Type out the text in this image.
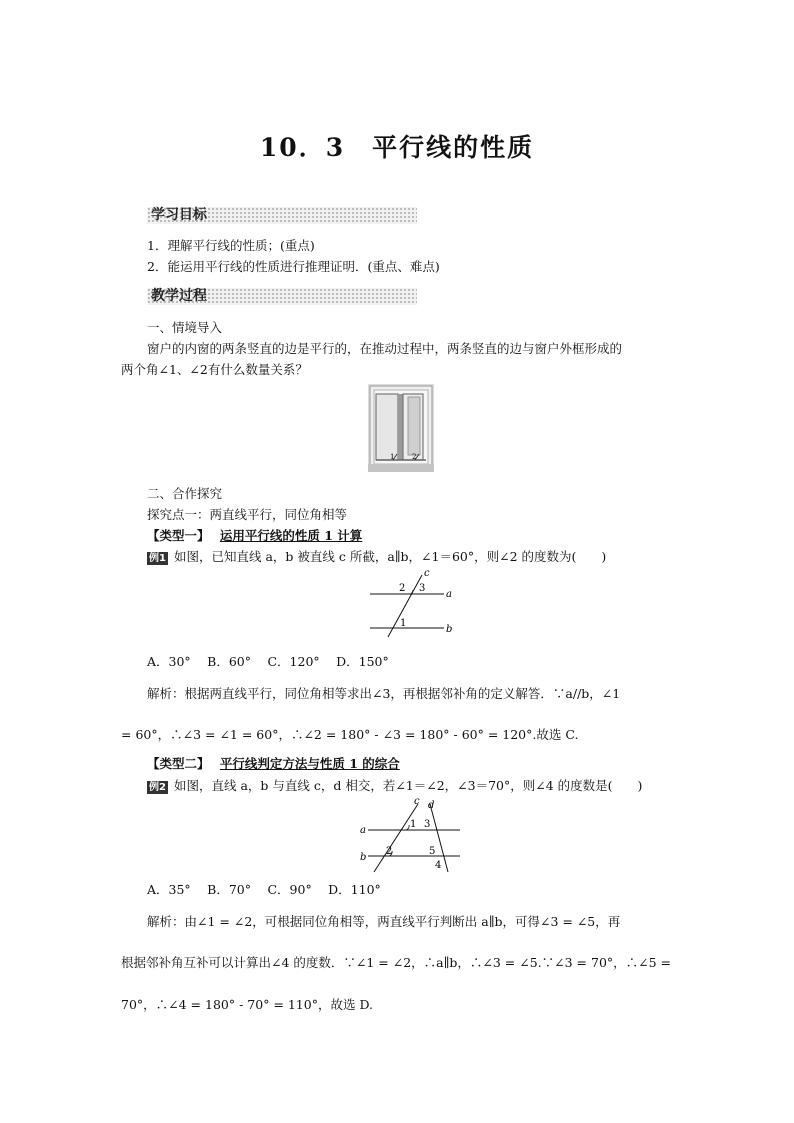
10．3　平行线的性质
学习目标
1．理解平行线的性质；(重点)
2．能运用平行线的性质进行推理证明．(重点、难点)
教学过程
一、情境导入
窗户的内窗的两条竖直的边是平行的，在推动过程中，两条竖直的边与窗户外框形成的
两个角∠1、∠2有什么数量关系？
1	2
二、合作探究
探究点一：两直线平行，同位角相等
【类型一】 运用平行线的性质 1 计算
例1 如图，已知直线 a，b 被直线 c 所截，a∥b，∠1＝60°，则∠2 的度数为(　　)
c
a
b
2 3
1
A．30°　 B．60°　 C．120°　 D．150°
解析：根据两直线平行，同位角相等求出∠3，再根据邻补角的定义解答．∵a//b，∠1
= 60°，∴∠3 = ∠1 = 60°，∴∠2 = 180° - ∠3 = 180° - 60° = 120°.故选 C.
【类型二】 平行线判定方法与性质 1 的综合
例2 如图，直线 a，b 与直线 c，d 相交，若∠1＝∠2，∠3＝70°，则∠4 的度数是(　　)
c d
a
b
1 3
2	5
4
A．35°　 B．70°　 C．90°　 D．110°
解析：由∠1 = ∠2，可根据同位角相等，两直线平行判断出 a∥b，可得∠3 = ∠5，再
根据邻补角互补可以计算出∠4 的度数．∵∠1 = ∠2，∴a∥b，∴∠3 = ∠5.∵∠3 = 70°，∴∠5 =
70°，∴∠4 = 180° - 70° = 110°，故选 D.
